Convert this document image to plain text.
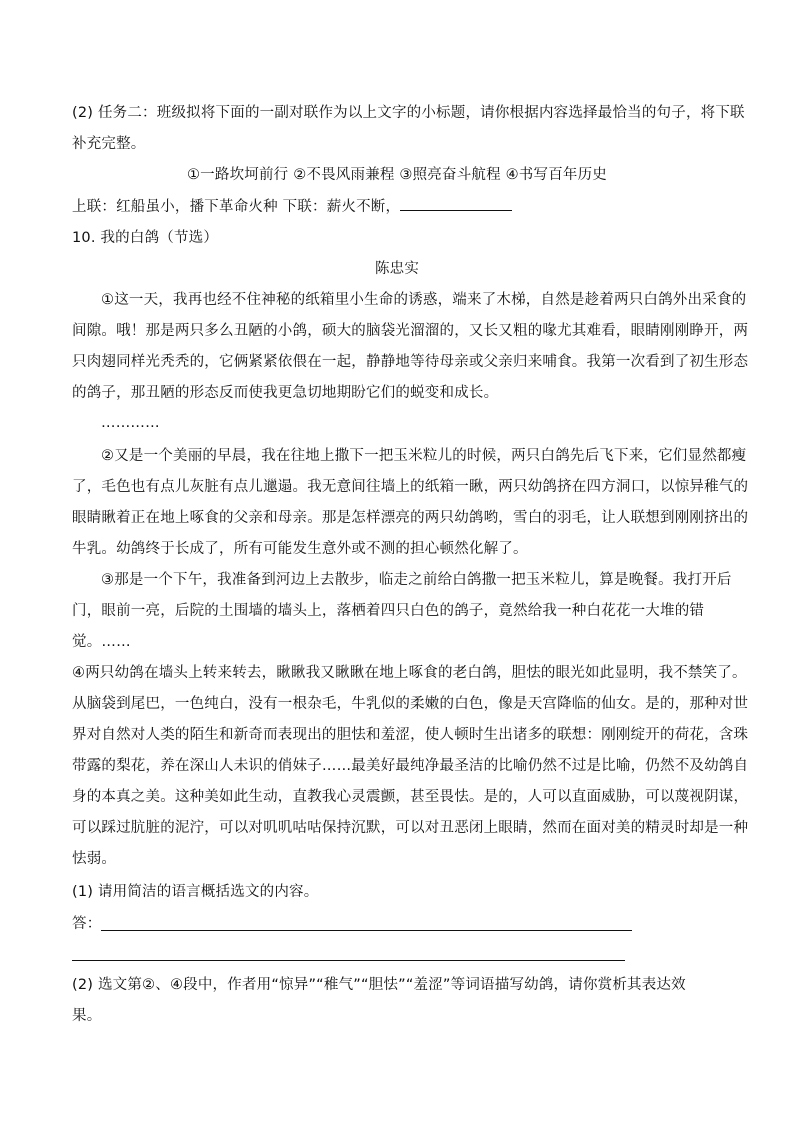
(2) 任务二：班级拟将下面的一副对联作为以上文字的小标题，请你根据内容选择最恰当的句子，将下联
补充完整。
①一路坎坷前行 ②不畏风雨兼程 ③照亮奋斗航程 ④书写百年历史
上联：红船虽小，播下革命火种 下联：薪火不断，
10. 我的白鸽（节选）
陈忠实
①这一天，我再也经不住神秘的纸箱里小生命的诱惑，端来了木梯，自然是趁着两只白鸽外出采食的
间隙。哦！那是两只多么丑陋的小鸽，硕大的脑袋光溜溜的，又长又粗的喙尤其难看，眼睛刚刚睁开，两
只肉翅同样光秃秃的，它俩紧紧依偎在一起，静静地等待母亲或父亲归来哺食。我第一次看到了初生形态
的鸽子，那丑陋的形态反而使我更急切地期盼它们的蜕变和成长。
…………
②又是一个美丽的早晨，我在往地上撒下一把玉米粒儿的时候，两只白鸽先后飞下来，它们显然都瘦
了，毛色也有点儿灰脏有点儿邋遢。我无意间往墙上的纸箱一瞅，两只幼鸽挤在四方洞口，以惊异稚气的
眼睛瞅着正在地上啄食的父亲和母亲。那是怎样漂亮的两只幼鸽哟，雪白的羽毛，让人联想到刚刚挤出的
牛乳。幼鸽终于长成了，所有可能发生意外或不测的担心顿然化解了。
③那是一个下午，我准备到河边上去散步，临走之前给白鸽撒一把玉米粒儿，算是晚餐。我打开后
门，眼前一亮，后院的土围墙的墙头上，落栖着四只白色的鸽子，竟然给我一种白花花一大堆的错
觉。……
④两只幼鸽在墙头上转来转去，瞅瞅我又瞅瞅在地上啄食的老白鸽，胆怯的眼光如此显明，我不禁笑了。
从脑袋到尾巴，一色纯白，没有一根杂毛，牛乳似的柔嫩的白色，像是天宫降临的仙女。是的，那种对世
界对自然对人类的陌生和新奇而表现出的胆怯和羞涩，使人顿时生出诸多的联想：刚刚绽开的荷花，含珠
带露的梨花，养在深山人未识的俏妹子……最美好最纯净最圣洁的比喻仍然不过是比喻，仍然不及幼鸽自
身的本真之美。这种美如此生动，直教我心灵震颤，甚至畏怯。是的，人可以直面威胁，可以蔑视阴谋，
可以踩过肮脏的泥泞，可以对叽叽咕咕保持沉默，可以对丑恶闭上眼睛，然而在面对美的精灵时却是一种
怯弱。
(1) 请用简洁的语言概括选文的内容。
答：
(2) 选文第②、④段中，作者用“惊异”“稚气”“胆怯”“羞涩”等词语描写幼鸽，请你赏析其表达效
果。
